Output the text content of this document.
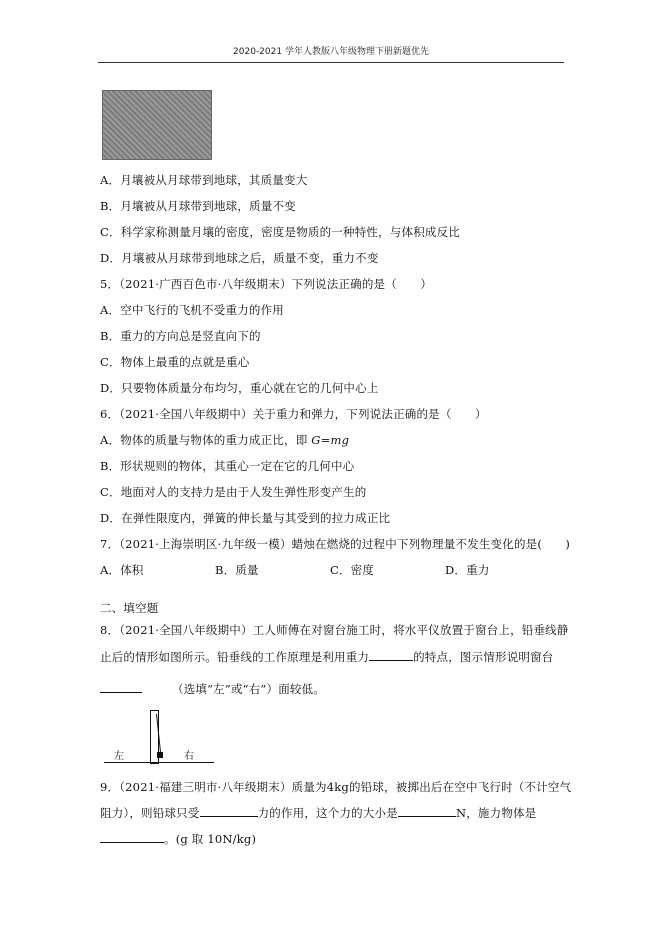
2020-2021 学年人教版八年级物理下册新题优先
A．月壤被从月球带到地球，其质量变大
B．月壤被从月球带到地球，质量不变
C．科学家称测量月壤的密度，密度是物质的一种特性，与体积成反比
D．月壤被从月球带到地球之后，质量不变，重力不变
5．（2021·广西百色市·八年级期末）下列说法正确的是（　　）
A．空中飞行的飞机不受重力的作用
B．重力的方向总是竖直向下的
C．物体上最重的点就是重心
D．只要物体质量分布均匀，重心就在它的几何中心上
6．（2021·全国八年级期中）关于重力和弹力，下列说法正确的是（　　）
A．物体的质量与物体的重力成正比，即 G=mg
B．形状规则的物体，其重心一定在它的几何中心
C．地面对人的支持力是由于人发生弹性形变产生的
D．在弹性限度内，弹簧的伸长量与其受到的拉力成正比
7．（2021·上海崇明区·九年级一模）蜡烛在燃烧的过程中下列物理量不发生变化的是(　　)
A．体积	B．质量	C．密度	D．重力
二、填空题
8．（2021·全国八年级期中）工人师傅在对窗台施工时，将水平仪放置于窗台上，铅垂线静
止后的情形如图所示。铅垂线的工作原理是利用重力	的特点，图示情形说明窗台
（选填“左”或“右”）面较低。
左	右
9．（2021·福建三明市·八年级期末）质量为4kg的铅球，被掷出后在空中飞行时（不计空气
阻力），则铅球只受	力的作用，这个力的大小是	N，施力物体是
。(g 取 10N/kg)
